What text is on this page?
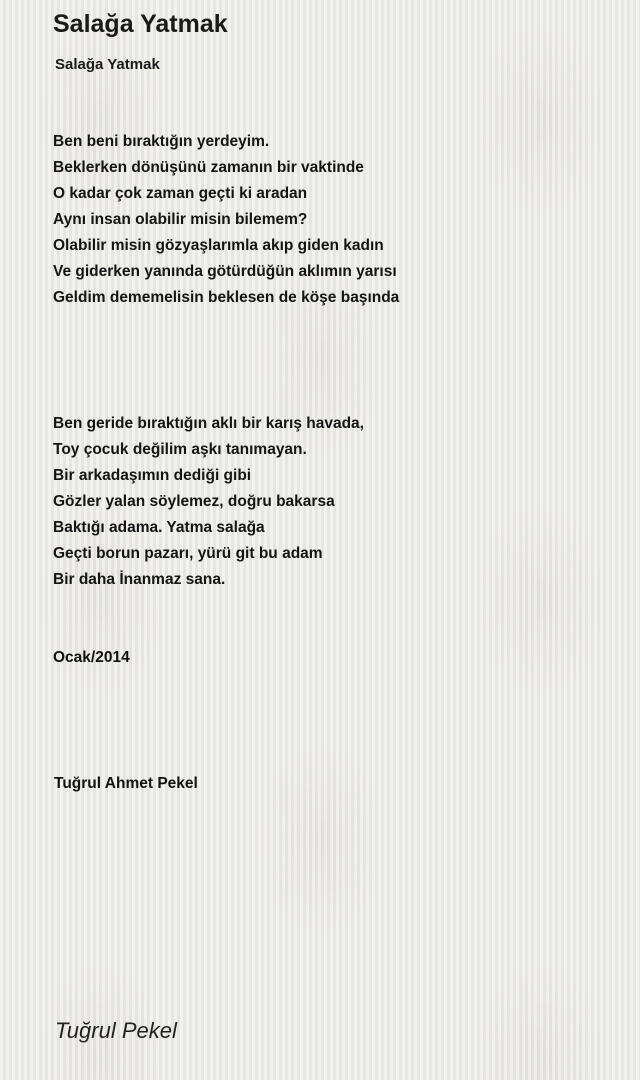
Salağa Yatmak
Salağa Yatmak
Ben beni bıraktığın yerdeyim.
Beklerken dönüşünü zamanın bir vaktinde
O kadar çok zaman geçti ki aradan
Aynı insan olabilir misin bilemem?
Olabilir misin gözyaşlarımla akıp giden kadın
Ve giderken yanında götürdüğün aklımın yarısı
Geldim dememelisin beklesen de köşe başında
Ben geride bıraktığın aklı bir karış havada,
Toy çocuk değilim aşkı tanımayan.
Bir arkadaşımın dediği gibi
Gözler yalan söylemez, doğru bakarsa
Baktığı adama. Yatma salağa
Geçti borun pazarı, yürü git bu adam
Bir daha İnanmaz sana.
Ocak/2014
Tuğrul Ahmet Pekel
Tuğrul Pekel
